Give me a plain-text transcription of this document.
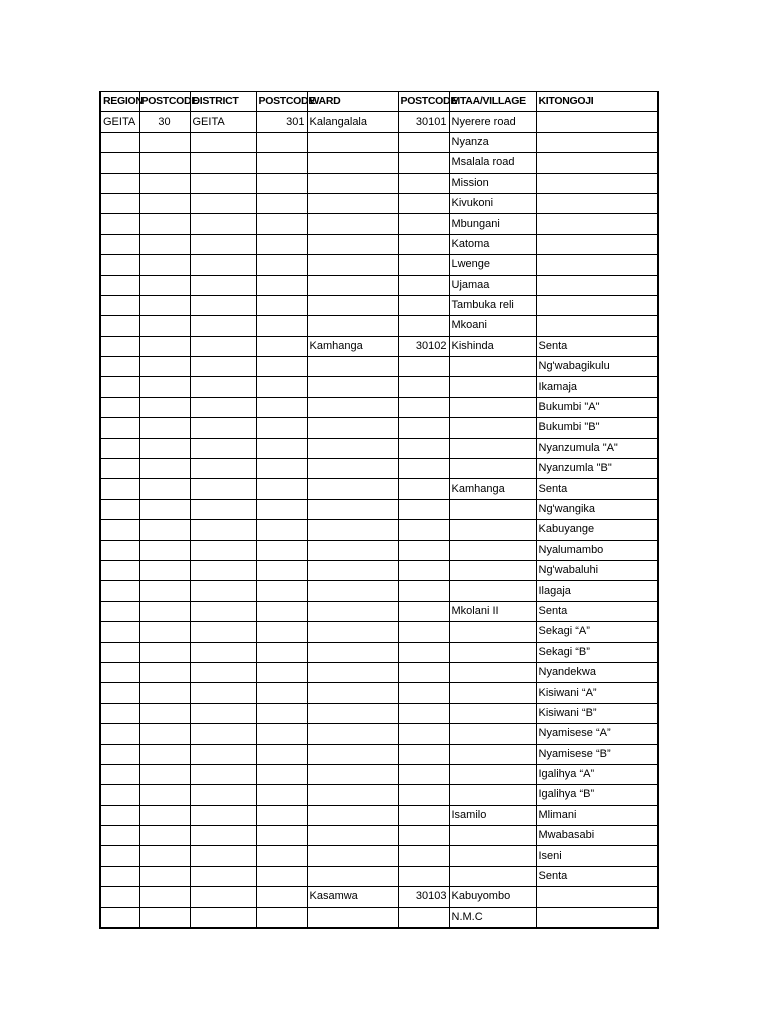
REGION	POSTCODE	DISTRICT	POSTCODE	WARD	POSTCODE	MTAA/VILLAGE	KITONGOJI
GEITA	30	GEITA	301	Kalangalala	30101	Nyerere road	
						Nyanza	
						Msalala road	
						Mission	
						Kivukoni	
						Mbungani	
						Katoma	
						Lwenge	
						Ujamaa	
						Tambuka reli	
						Mkoani	
				Kamhanga	30102	Kishinda	Senta
							Ng'wabagikulu
							Ikamaja
							Bukumbi "A"
							Bukumbi "B"
							Nyanzumula "A"
							Nyanzumla "B"
						Kamhanga	Senta
							Ng'wangika
							Kabuyange
							Nyalumambo
							Ng'wabaluhi
							Ilagaja
						Mkolani II	Senta
							Sekagi “A”
							Sekagi “B”
							Nyandekwa
							Kisiwani “A”
							Kisiwani “B”
							Nyamisese “A”
							Nyamisese “B”
							Igalihya “A”
							Igalihya “B”
						Isamilo	Mlimani
							Mwabasabi
							Iseni
							Senta
				Kasamwa	30103	Kabuyombo	
						N.M.C	
